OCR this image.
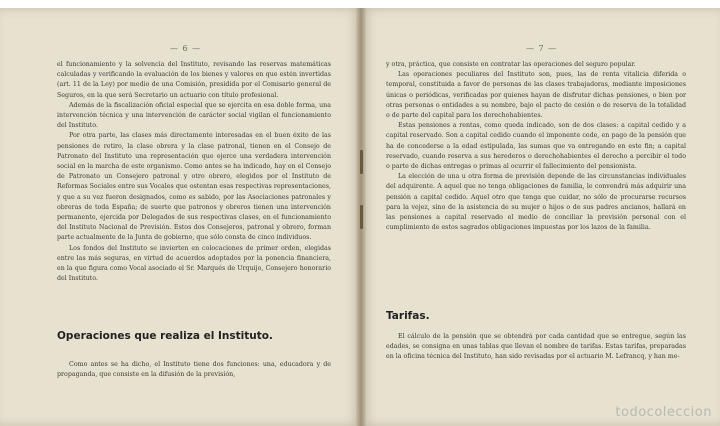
— 6 —

el funcionamiento y la solvencia del Instituto, revisando las reservas matemáticas calculadas y verificando la evaluación de los bienes y valores en que estén invertidas (art. 11 de la Ley) por medio de una Comisión, presidida por el Comisario general de Seguros, en la que será Secretario un actuario con título profesional.

Además de la fiscalización oficial especial que se ejercita en esa doble forma, una intervención técnica y una intervención de carácter social vigilan el funcionamiento del Instituto.

Por otra parte, las clases más directamente interesadas en el buen éxito de las pensiones de retiro, la clase obrera y la clase patronal, tienen en el Consejo de Patronato del Instituto una representación que ejerce una verdadera intervención social en la marcha de este organismo. Como antes se ha indicado, hay en el Consejo de Patronato un Consejero patronal y otro obrero, elegidos por el Instituto de Reformas Sociales entre sus Vocales que ostentan esas respectivas representaciones, y que a su vez fueron designados, como es sabido, por las Asociaciones patronales y obreras de toda España; de suerte que patronos y obreros tienen una intervención permanente, ejercida por Delegados de sus respectivas clases, en el funcionamiento del Instituto Nacional de Previsión. Estos dos Consejeros, patronal y obrero, forman parte actualmente de la Junta de gobierno, que sólo consta de cinco individuos.

Los fondos del Instituto se invierten en colocaciones de primer orden, elegidas entre las más seguras, en virtud de acuerdos adoptados por la ponencia financiera, en la que figura como Vocal asociado el Sr. Marqués de Urquijo, Consejero honorario del Instituto.

Operaciones que realiza el Instituto.

Como antes se ha dicho, el Instituto tiene dos funciones: una, educadora y de propaganda, que consiste en la difusión de la previsión,

— 7 —

y otra, práctica, que consiste en contratar las operaciones del seguro popular.

Las operaciones peculiares del Instituto son, pues, las de renta vitalicia diferida o temporal, constituida a favor de personas de las clases trabajadoras, mediante imposiciones únicas o periódicas, verificadas por quienes hayan de disfrutar dichas pensiones, o bien por otras personas o entidades a su nombre, bajo el pacto de cesión o de reserva de la totalidad o de parte del capital para los derechohabientes.

Estas pensiones a rentas, como queda indicado, son de dos clases: a capital cedido y a capital reservado. Son a capital cedido cuando el imponente cede, en pago de la pensión que ha de concederse a la edad estipulada, las sumas que va entregando en este fin; a capital reservado, cuando reserva a sus herederos o derechohabientes el derecho a percibir el todo o parte de dichas entregas o primas al ocurrir el fallecimiento del pensionista.

La elección de una u otra forma de previsión depende de las circunstancias individuales del adquirente. A aquel que no tenga obligaciones de familia, le convendrá más adquirir una pensión a capital cedido. Aquel otro que tenga que cuidar, no sólo de procurarse recursos para la vejez, sino de la asistencia de su mujer o hijos o de sus padres ancianos, hallará en las pensiones a capital reservado el medio de conciliar la previsión personal con el cumplimiento de estos sagrados obligaciones impuestas por los lazos de la familia.

Tarifas.

El cálculo de la pensión que se obtendrá por cada cantidad que se entregue, según las edades, se consigna en unas tablas que llevan el nombre de tarifas. Estas tarifas, preparadas en la oficina técnica del Instituto, han sido revisadas por el actuario M. Lefrancq, y han me-

todocoleccion
